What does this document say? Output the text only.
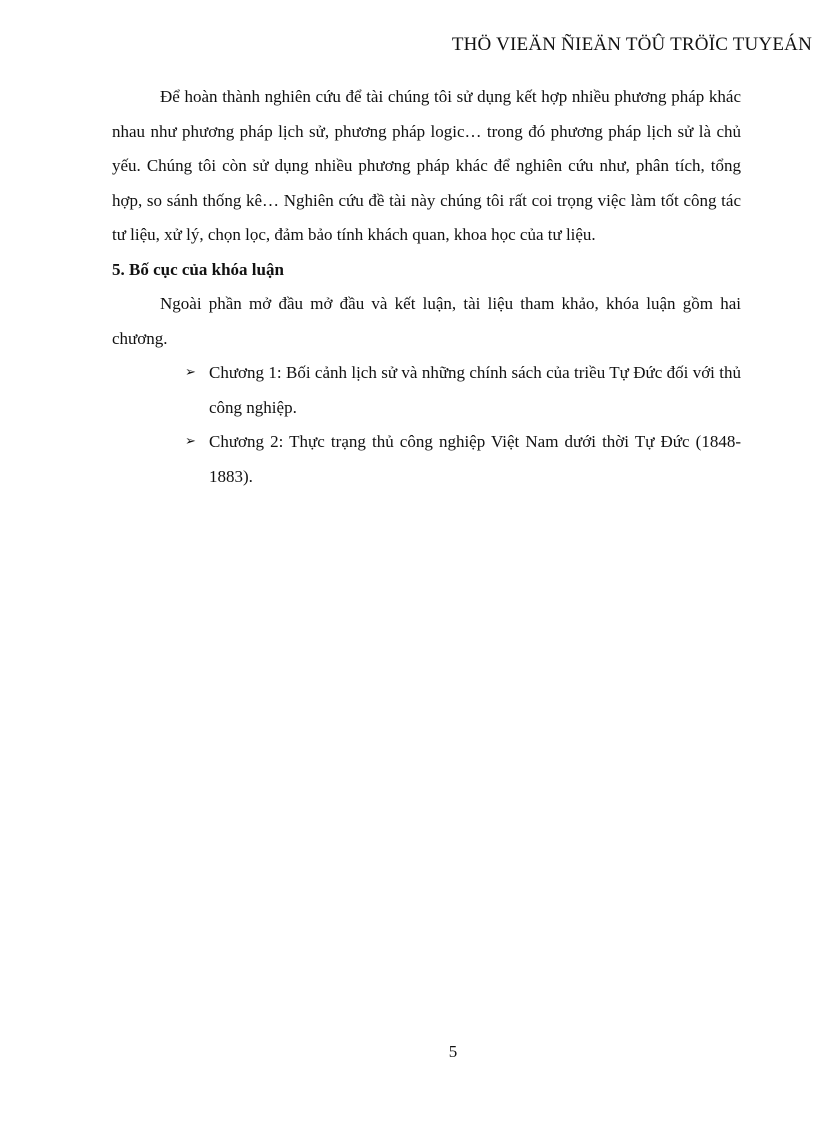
THÖ VIEÄN ÑIEÄN TÖÛ TRÖÏC TUYEÁN

Để hoàn thành nghiên cứu để tài chúng tôi sử dụng kết hợp nhiều phương pháp khác nhau như phương pháp lịch sử, phương pháp logic… trong đó phương pháp lịch sử là chủ yếu. Chúng tôi còn sử dụng nhiều phương pháp khác để nghiên cứu như, phân tích, tổng hợp, so sánh thống kê… Nghiên cứu đề tài này chúng tôi rất coi trọng việc làm tốt công tác tư liệu, xử lý, chọn lọc, đảm bảo tính khách quan, khoa học của tư liệu.

5. Bố cục của khóa luận

Ngoài phần mở đầu mở đầu và kết luận, tài liệu tham khảo, khóa luận gồm hai chương.

➢ Chương 1: Bối cảnh lịch sử và những chính sách của triều Tự Đức đối với thủ công nghiệp.
➢ Chương 2: Thực trạng thủ công nghiệp Việt Nam dưới thời Tự Đức (1848-1883).
5
